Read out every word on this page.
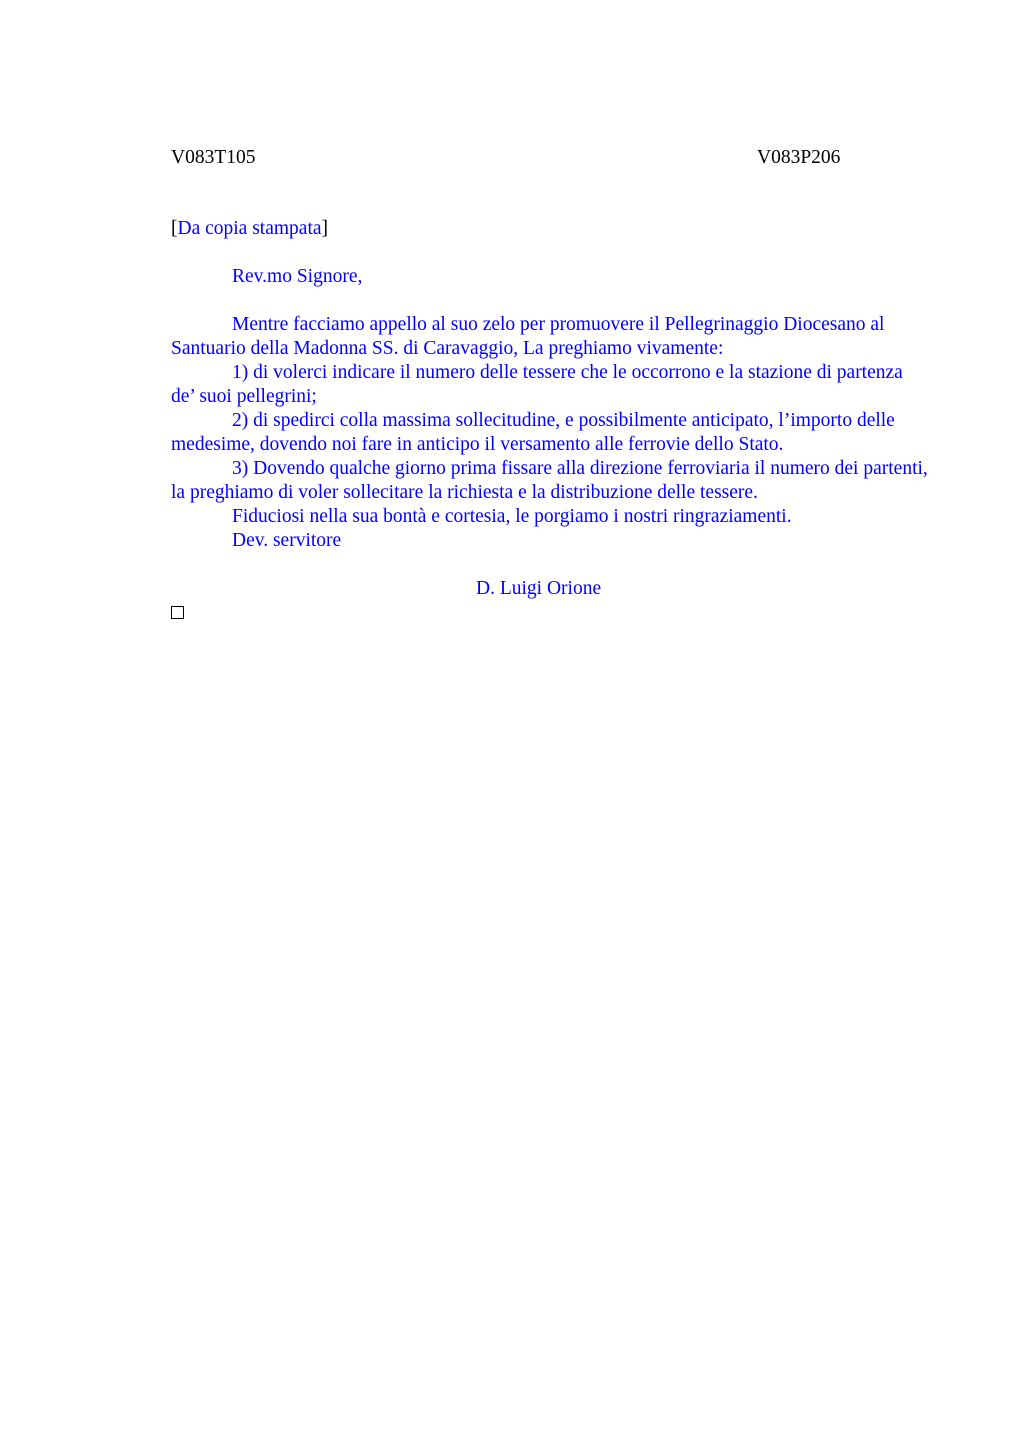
V083T105	V083P206

[Da copia stampata]

Rev.mo Signore,

Mentre facciamo appello al suo zelo per promuovere il Pellegrinaggio Diocesano al Santuario della Madonna SS. di Caravaggio, La preghiamo vivamente:

1) di volerci indicare il numero delle tessere che le occorrono e la stazione di partenza de’ suoi pellegrini;

2) di spedirci colla massima sollecitudine, e possibilmente anticipato, l’importo delle medesime, dovendo noi fare in anticipo il versamento alle ferrovie dello Stato.

3) Dovendo qualche giorno prima fissare alla direzione ferroviaria il numero dei partenti, la preghiamo di voler sollecitare la richiesta e la distribuzione delle tessere.

Fiduciosi nella sua bontà e cortesia, le porgiamo i nostri ringraziamenti.

Dev. servitore

D. Luigi Orione
